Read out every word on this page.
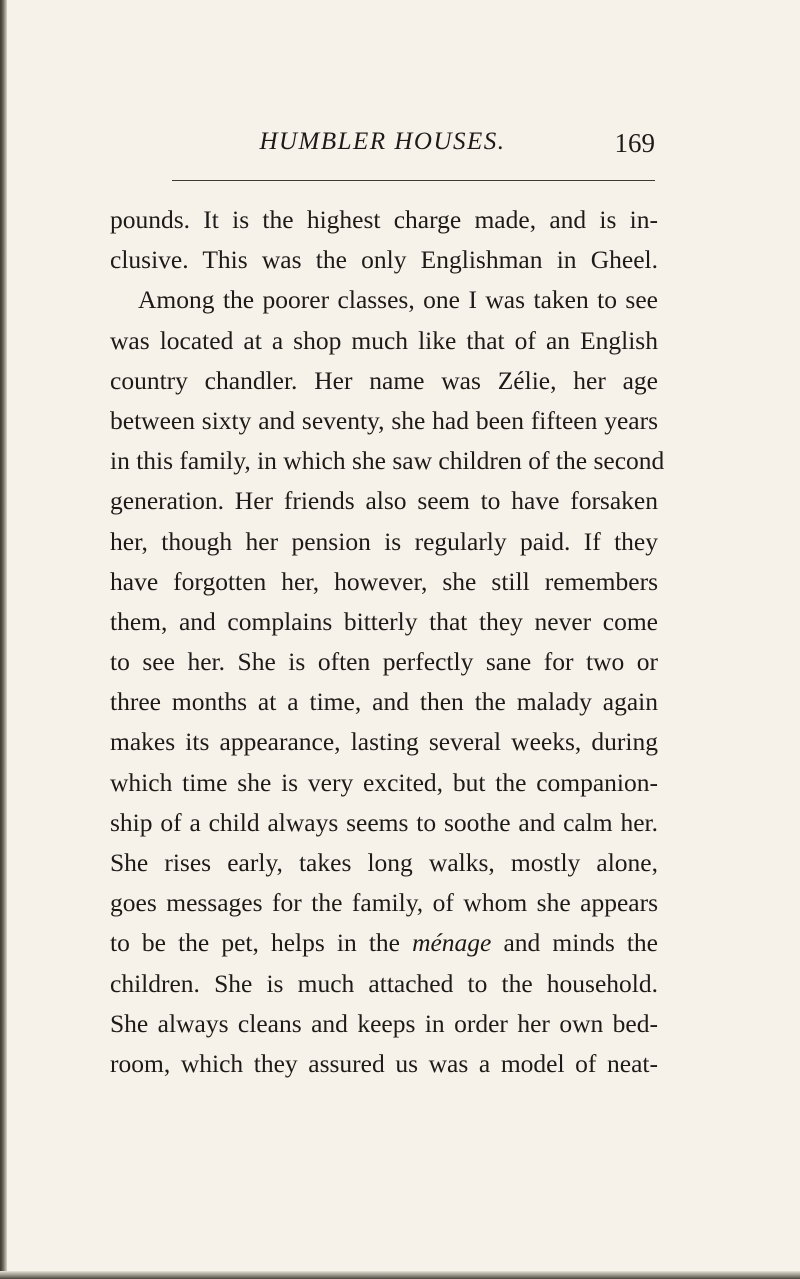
HUMBLER HOUSES.	169
pounds. It is the highest charge made, and is in-
clusive. This was the only Englishman in Gheel.
Among the poorer classes, one I was taken to see
was located at a shop much like that of an English
country chandler. Her name was Zélie, her age
between sixty and seventy, she had been fifteen years
in this family, in which she saw children of the second
generation. Her friends also seem to have forsaken
her, though her pension is regularly paid. If they
have forgotten her, however, she still remembers
them, and complains bitterly that they never come
to see her. She is often perfectly sane for two or
three months at a time, and then the malady again
makes its appearance, lasting several weeks, during
which time she is very excited, but the companion-
ship of a child always seems to soothe and calm her.
She rises early, takes long walks, mostly alone,
goes messages for the family, of whom she appears
to be the pet, helps in the ménage and minds the
children. She is much attached to the household.
She always cleans and keeps in order her own bed-
room, which they assured us was a model of neat-
